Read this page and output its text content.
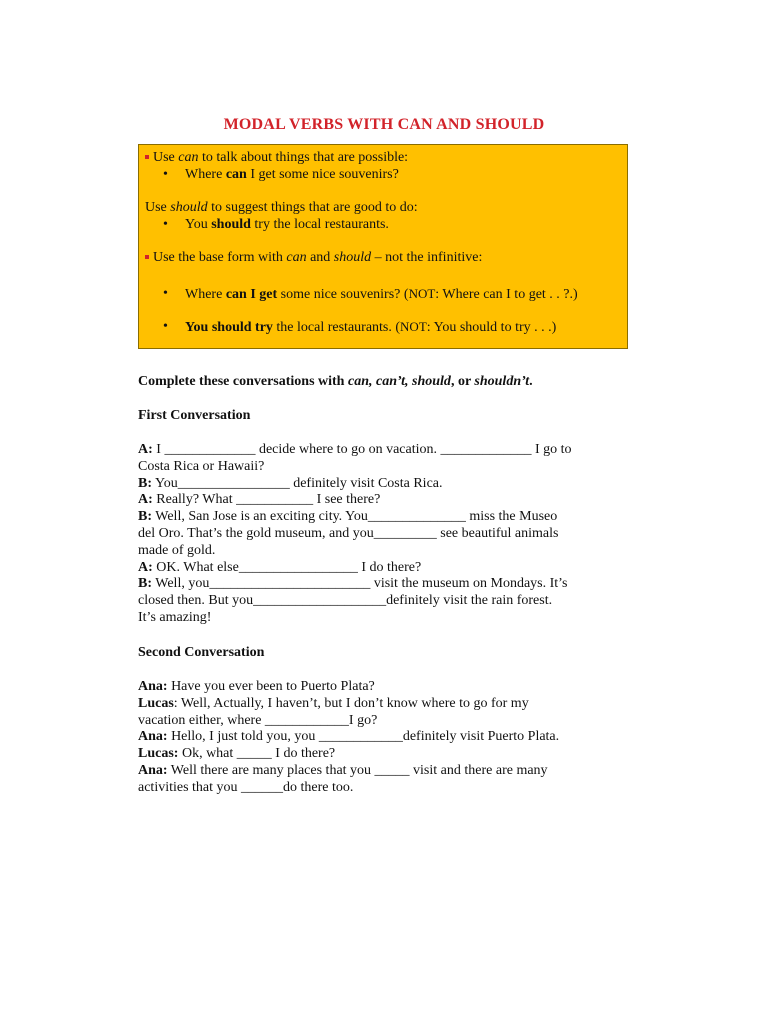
MODAL VERBS WITH CAN AND SHOULD
Use can to talk about things that are possible:
• Where can I get some nice souvenirs?
Use should to suggest things that are good to do:
• You should try the local restaurants.
Use the base form with can and should – not the infinitive:
• Where can I get some nice souvenirs? (NOT: Where can I to get . . ?.)
• You should try the local restaurants. (NOT: You should to try . . .)
Complete these conversations with can, can’t, should, or shouldn’t.
First Conversation
A: I _____________ decide where to go on vacation. _____________ I go to
Costa Rica or Hawaii?
B: You________________ definitely visit Costa Rica.
A: Really? What ___________ I see there?
B: Well, San Jose is an exciting city. You______________ miss the Museo
del Oro. That’s the gold museum, and you_________ see beautiful animals
made of gold.
A: OK. What else_________________ I do there?
B: Well, you_______________________ visit the museum on Mondays. It’s
closed then. But you___________________definitely visit the rain forest.
It’s amazing!
Second Conversation
Ana: Have you ever been to Puerto Plata?
Lucas: Well, Actually, I haven’t, but I don’t know where to go for my
vacation either, where ____________I go?
Ana: Hello, I just told you, you ____________definitely visit Puerto Plata.
Lucas: Ok, what _____ I do there?
Ana: Well there are many places that you _____ visit and there are many
activities that you ______do there too.
